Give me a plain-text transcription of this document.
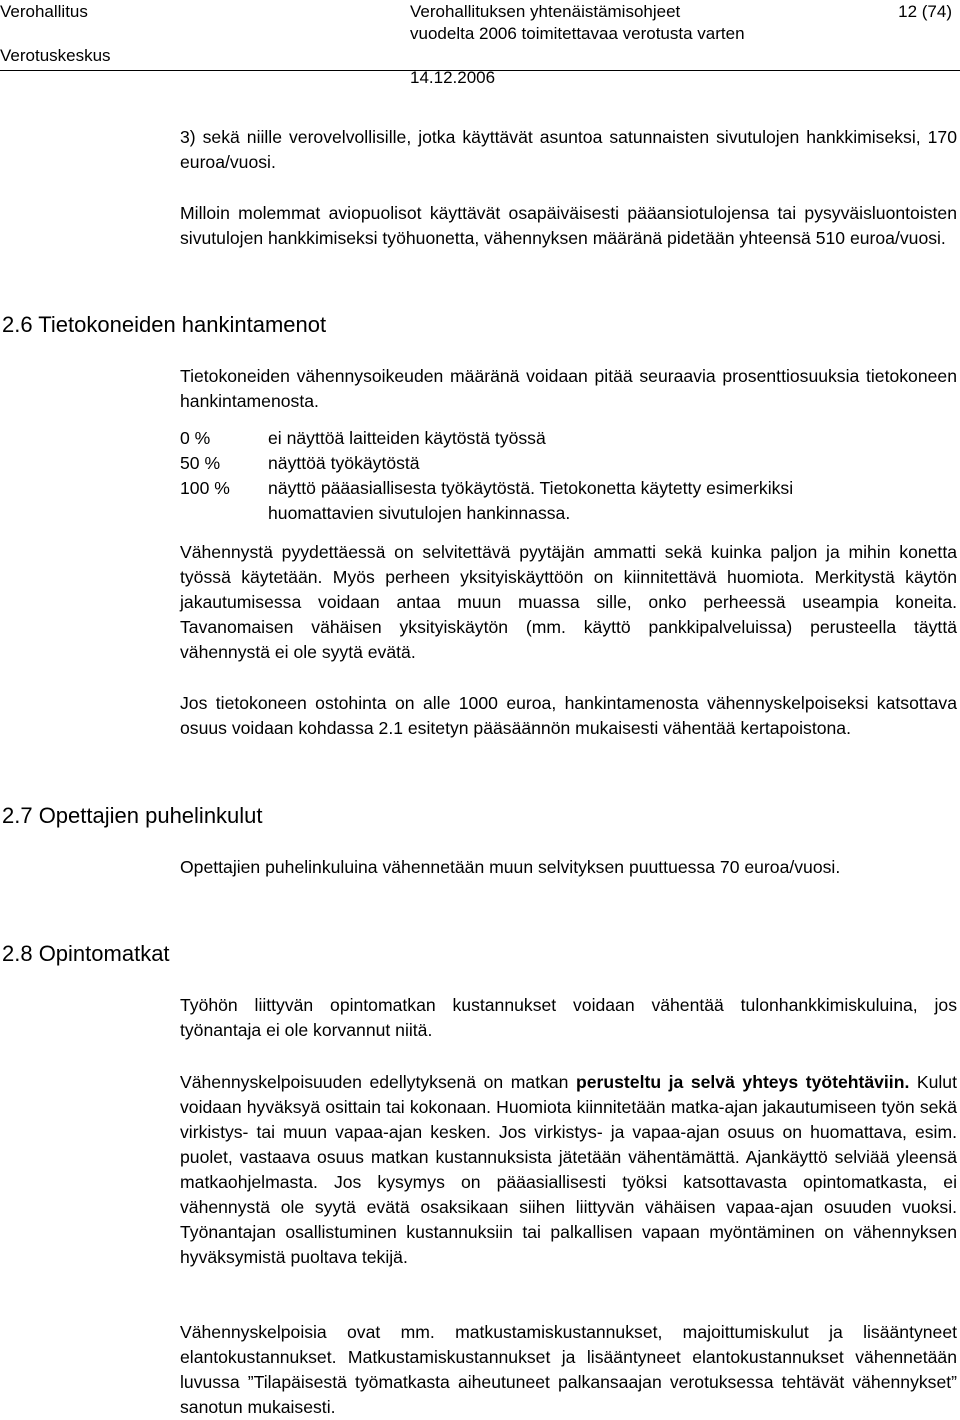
Verohallitus
Verotuskeskus
Verohallituksen yhtenäistämisohjeet
vuodelta 2006 toimitettavaa verotusta varten
14.12.2006
12 (74)

3) sekä niille verovelvollisille, jotka käyttävät asuntoa satunnaisten sivutulojen hankkimiseksi, 170 euroa/vuosi.

Milloin molemmat aviopuolisot käyttävät osapäiväisesti pääansiotulojensa tai pysyväisluontoisten sivutulojen hankkimiseksi työhuonetta, vähennyksen määränä pidetään yhteensä 510 euroa/vuosi.

2.6 Tietokoneiden hankintamenot

Tietokoneiden vähennysoikeuden määränä voidaan pitää seuraavia prosenttiosuuksia tietokoneen hankintamenosta.

0 %	ei näyttöä laitteiden käytöstä työssä
50 %	näyttöä työkäytöstä
100 % näyttö pääasiallisesta työkäytöstä. Tietokonetta käytetty esimerkiksi
huomattavien sivutulojen hankinnassa.

Vähennystä pyydettäessä on selvitettävä pyytäjän ammatti sekä kuinka paljon ja mihin konetta työssä käytetään. Myös perheen yksityiskäyttöön on kiinnitettävä huomiota. Merkitystä käytön jakautumisessa voidaan antaa muun muassa sille, onko perheessä useampia koneita. Tavanomaisen vähäisen yksityiskäytön (mm. käyttö pankkipalveluissa) perusteella täyttä vähennystä ei ole syytä evätä.

Jos tietokoneen ostohinta on alle 1000 euroa, hankintamenosta vähennyskelpoiseksi katsottava osuus voidaan kohdassa 2.1 esitetyn pääsäännön mukaisesti vähentää kertapoistona.

2.7 Opettajien puhelinkulut

Opettajien puhelinkuluina vähennetään muun selvityksen puuttuessa 70 euroa/vuosi.

2.8 Opintomatkat

Työhön liittyvän opintomatkan kustannukset voidaan vähentää tulonhankkimiskuluina, jos työnantaja ei ole korvannut niitä.

Vähennyskelpoisuuden edellytyksenä on matkan perusteltu ja selvä yhteys työtehtäviin. Kulut voidaan hyväksyä osittain tai kokonaan. Huomiota kiinnitetään matka-ajan jakautumiseen työn sekä virkistys- tai muun vapaa-ajan kesken. Jos virkistys- ja vapaa-ajan osuus on huomattava, esim. puolet, vastaava osuus matkan kustannuksista jätetään vähentämättä. Ajankäyttö selviää yleensä matkaohjelmasta. Jos kysymys on pääasiallisesti työksi katsottavasta opintomatkasta, ei vähennystä ole syytä evätä osaksikaan siihen liittyvän vähäisen vapaa-ajan osuuden vuoksi. Työnantajan osallistuminen kustannuksiin tai palkallisen vapaan myöntäminen on vähennyksen hyväksymistä puoltava tekijä.

Vähennyskelpoisia ovat mm. matkustamiskustannukset, majoittumiskulut ja lisääntyneet elantokustannukset. Matkustamiskustannukset ja lisääntyneet elantokustannukset vähennetään luvussa ”Tilapäisestä työmatkasta aiheutuneet palkansaajan verotuksessa tehtävät vähennykset” sanotun mukaisesti.
